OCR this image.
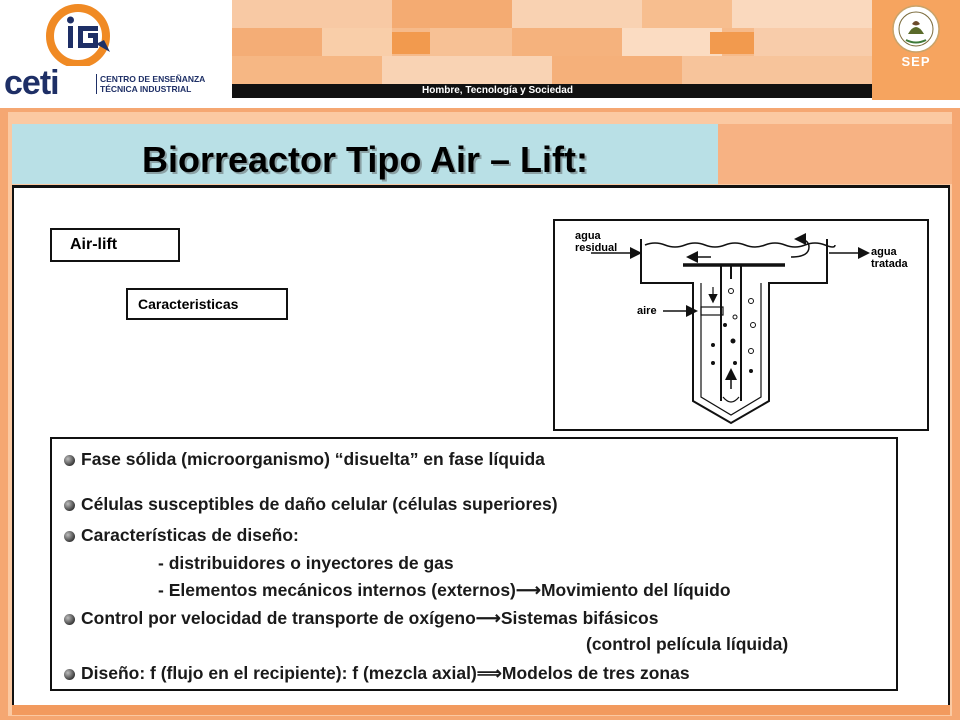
ceti	CENTRO DE ENSEÑANZA
TÉCNICA INDUSTRIAL	Hombre, Tecnología y Sociedad
SEP
Biorreactor Tipo Air – Lift:
Air-lift
Caracteristicas
agua
residual	agua
tratada
aire
Fase sólida (microorganismo) “disuelta” en fase líquida
Células susceptibles de daño celular (células superiores)
Características de diseño:
- distribuidores o inyectores de gas
- Elementos mecánicos internos (externos)⟶Movimiento del líquido
Control por velocidad de transporte de oxígeno⟶Sistemas bifásicos
(control película líquida)
Diseño: f (flujo en el recipiente): f (mezcla axial)⟹Modelos de tres zonas
